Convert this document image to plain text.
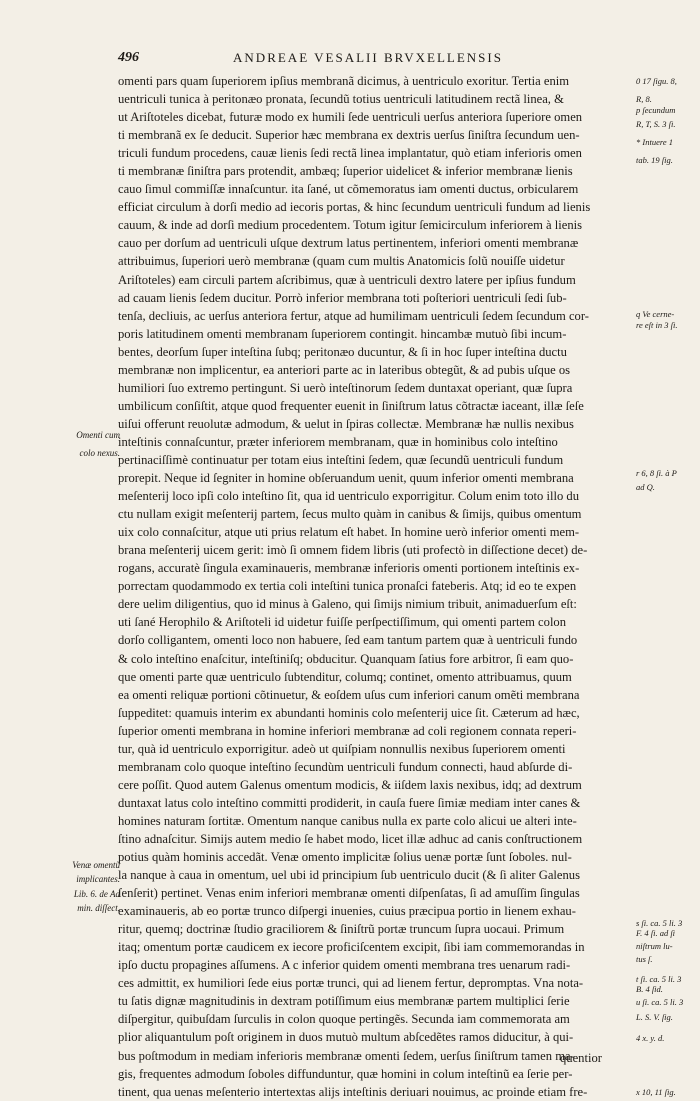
496	ANDREAE VESALII BRVXELLENSIS
Omenti cum
colo nexus.
Venæ omentũ
implicantes.
Lib. 6. de Ad
min. diſſect.
omenti pars quam ſuperiorem ipſius membranã dicimus, à uentriculo exoritur. Tertia enim
uentriculi tunica à peritonæo pronata, ſecundũ totius uentriculi latitudinem rectã linea, &
ut Ariſtoteles dicebat, futuræ modo ex humili ſede uentriculi uerſus anteriora ſuperiore omen
ti membranã ex ſe deducit. Superior hæc membrana ex dextris uerſus ſiniſtra ſecundum uen-
triculi fundum procedens, cauæ lienis ſedi rectã linea implantatur, quò etiam inferioris omen
ti membranæ ſiniſtra pars protendit, ambæq; ſuperior uidelicet & inferior membranæ lienis
cauo ſimul commiſſæ innaſcuntur. ita ſané, ut cõmemoratus iam omenti ductus, orbicularem
efficiat circulum à dorſi medio ad iecoris portas, & hinc ſecundum uentriculi fundum ad lienis
cauum, & inde ad dorſi medium procedentem. Totum igitur ſemicirculum inferiorem à lienis
cauo per dorſum ad uentriculi uſque dextrum latus pertinentem, inferiori omenti membranæ
attribuimus, ſuperiori uerò membranæ (quam cum multis Anatomicis ſolũ nouiſſe uidetur
Ariſtoteles) eam circuli partem aſcribimus, quæ à uentriculi dextro latere per ipſius fundum
ad cauam lienis ſedem ducitur. Porrò inferior membrana toti poſteriori uentriculi ſedi ſub-
tenſa, decliuis, ac uerſus anteriora fertur, atque ad humilimam uentriculi ſedem ſecundum cor-
poris latitudinem omenti membranam ſuperiorem contingit. hincambæ mutuò ſibi incum-
bentes, deorſum ſuper inteſtina ſubq; peritonæo ducuntur, & ſi in hoc ſuper inteſtina ductu
membranæ non implicentur, ea anteriori parte ac in lateribus obtegũt, & ad pubis uſque os
humiliori ſuo extremo pertingunt. Si uerò inteſtinorum ſedem duntaxat operiant, quæ ſupra
umbilicum conſiſtit, atque quod frequenter euenit in ſiniſtrum latus cõtractæ iaceant, illæ ſeſe
uiſui offerunt reuolutæ admodum, & uelut in ſpiras collectæ. Membranæ hæ nullis nexibus
inteſtinis connaſcuntur, præter inferiorem membranam, quæ in hominibus colo inteſtino
pertinaciſſimè continuatur per totam eius inteſtini ſedem, quæ ſecundũ uentriculi fundum
prorepit. Neque id ſegniter in homine obſeruandum uenit, quum inferior omenti membrana
meſenterij loco ipſi colo inteſtino ſit, qua id uentriculo exporrigitur. Colum enim toto illo du
ctu nullam exigit meſenterij partem, ſecus multo quàm in canibus & ſimijs, quibus omentum
uix colo connaſcitur, atque uti prius relatum eſt habet. In homine uerò inferior omenti mem-
brana meſenterij uicem gerit: imò ſi omnem fidem libris (uti profectò in diſſectione decet) de-
rogans, accuratè ſingula examinaueris, membranæ inferioris omenti portionem inteſtinis ex-
porrectam quodammodo ex tertia coli inteſtini tunica pronaſci fateberis. Atq; id eo te expen
dere uelim diligentius, quo id minus à Galeno, qui ſimijs nimium tribuit, animaduerſum eſt:
uti ſané Herophilo & Ariſtoteli id uidetur fuiſſe perſpectiſſimum, qui omenti partem colon
dorſo colligantem, omenti loco non habuere, ſed eam tantum partem quæ à uentriculi fundo
& colo inteſtino enaſcitur, inteſtiniſq; obducitur. Quanquam ſatius fore arbitror, ſi eam quo-
que omenti parte quæ uentriculo ſubtenditur, columq; continet, omento attribuamus, quum
ea omenti reliquæ portioni cõtinuetur, & eoſdem uſus cum inferiori canum omẽti membrana
ſuppeditet: quamuis interim ex abundanti hominis colo meſenterij uice ſit. Cæterum ad hæc,
ſuperior omenti membrana in homine inferiori membranæ ad coli regionem connata reperi-
tur, quà id uentriculo exporrigitur. adeò ut quiſpiam nonnullis nexibus ſuperiorem omenti
membranam colo quoque inteſtino ſecundùm uentriculi fundum connecti, haud abſurde di-
cere poſſit. Quod autem Galenus omentum modicis, & iiſdem laxis nexibus, idq; ad dextrum
duntaxat latus colo inteſtino committi prodiderit, in cauſa fuere ſimiæ mediam inter canes &
homines naturam ſortitæ. Omentum nanque canibus nulla ex parte colo alicui ue alteri inte-
ſtino adnaſcitur. Simijs autem medio ſe habet modo, licet illæ adhuc ad canis conſtructionem
potius quàm hominis accedãt. Venæ omento implicitæ ſolius uenæ portæ ſunt ſoboles. nul-
la nanque à caua in omentum, uel ubi id principium ſub uentriculo ducit (& ſi aliter Galenus
ſenſerit) pertinet. Venas enim inferiori membranæ omenti diſpenſatas, ſi ad amuſſim ſingulas
examinaueris, ab eo portæ trunco diſpergi inuenies, cuius præcipua portio in lienem exhau-
ritur, quemq; doctrinæ ſtudio graciliorem & ſiniſtrũ portæ truncum ſupra uocaui. Primum
itaq; omentum portæ caudicem ex iecore proficiſcentem excipit, ſibi iam commemorandas in
ipſo ductu propagines aſſumens. A c inferior quidem omenti membrana tres uenarum radi-
ces admittit, ex humiliori ſede eius portæ trunci, qui ad lienem fertur, depromptas. Vna nota-
tu ſatis dignæ magnitudinis in dextram potiſſimum eius membranæ partem multiplici ſerie
diſpergitur, quibuſdam ſurculis in colon quoque pertingẽs. Secunda iam commemorata am
plior aliquantulum poſt originem in duos mutuò multum abſcedẽtes ramos diducitur, à qui-
bus poſtmodum in mediam inferioris membranæ omenti ſedem, uerſus ſiniſtrum tamen ma-
gis, frequentes admodum ſoboles diffunduntur, quæ homini in colum inteſtinũ ea ſerie per-
tinent, qua uenas meſenterio intertextas alijs inteſtinis deriuari nouimus, ac proinde etiam fre-
0 17 ſigu. 8,
R, 8.
p ſecundum
R, T, S. 3 ſi.
* Intuere 1
tab. 19 ſig.
q Ve cerne-
re eſt in 3 ſi.
r 6, 8 ſi. à P
ad Q.
s ſi. ca. 5 li. 3
F. 4 ſi. ad ſi
niſtrum lu-
tus ſ.
t ſi. ca. 5 li. 3
B. 4 ſid.
u ſi. ca. 5 li. 3
L. S. V. ſig.
4 x. y. d.
x 10, 11 ſig.
quentior
